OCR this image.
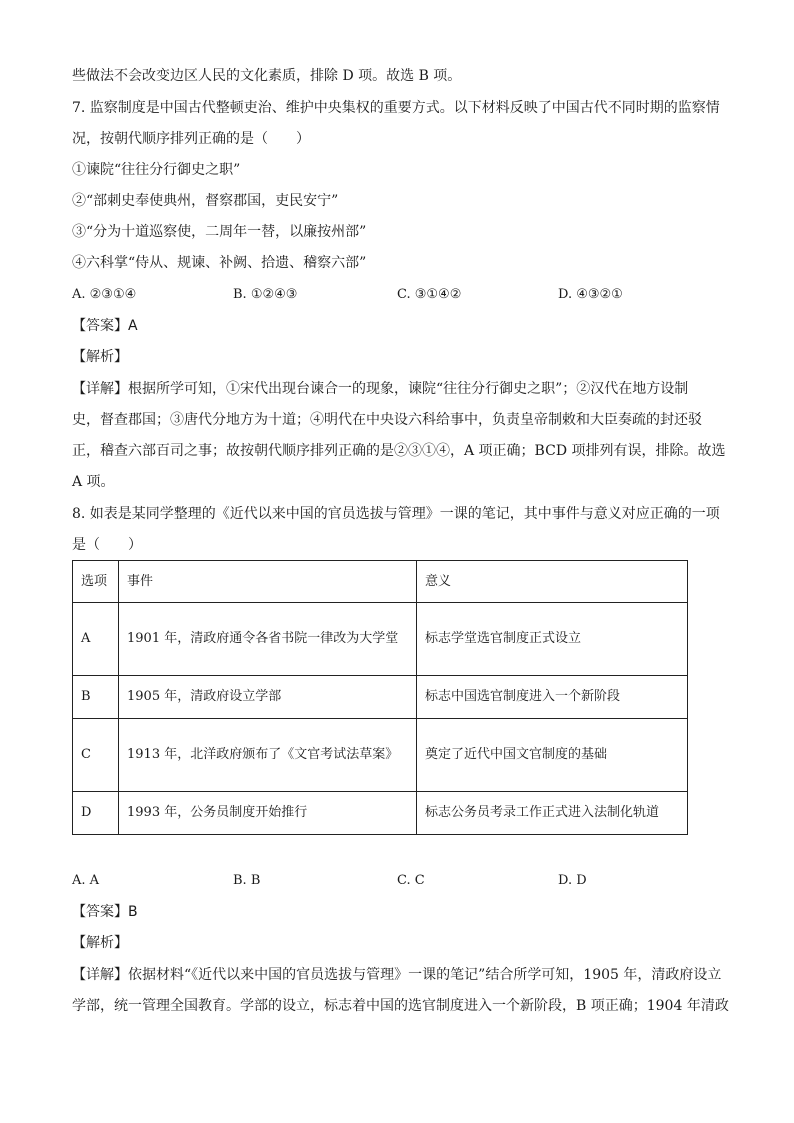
些做法不会改变边区人民的文化素质，排除 D 项。故选 B 项。
7. 监察制度是中国古代整顿吏治、维护中央集权的重要方式。以下材料反映了中国古代不同时期的监察情
况，按朝代顺序排列正确的是（　　）
①谏院“往往分行御史之职”
②“部刺史奉使典州，督察郡国，吏民安宁”
③“分为十道巡察使，二周年一替，以廉按州部”
④六科掌“侍从、规谏、补阙、拾遗、稽察六部”
A. ②③①④	B. ①②④③	C. ③①④②	D. ④③②①
【答案】A
【解析】
【详解】根据所学可知，①宋代出现台谏合一的现象，谏院“往往分行御史之职”；②汉代在地方设制
史，督查郡国；③唐代分地方为十道；④明代在中央设六科给事中，负责皇帝制敕和大臣奏疏的封还驳
正，稽查六部百司之事；故按朝代顺序排列正确的是②③①④，A 项正确；BCD 项排列有误，排除。故选
A 项。
8. 如表是某同学整理的《近代以来中国的官员选拔与管理》一课的笔记，其中事件与意义对应正确的一项
是（　　）
选项	事件	意义
A	1901 年，清政府通令各省书院一律改为大学堂	标志学堂选官制度正式设立
B	1905 年，清政府设立学部	标志中国选官制度进入一个新阶段
C	1913 年，北洋政府颁布了《文官考试法草案》	奠定了近代中国文官制度的基础
D	1993 年，公务员制度开始推行	标志公务员考录工作正式进入法制化轨道
A. A	B. B	C. C	D. D
【答案】B
【解析】
【详解】依据材料“《近代以来中国的官员选拔与管理》一课的笔记”结合所学可知，1905 年，清政府设立
学部，统一管理全国教育。学部的设立，标志着中国的选官制度进入一个新阶段，B 项正确；1904 年清政
